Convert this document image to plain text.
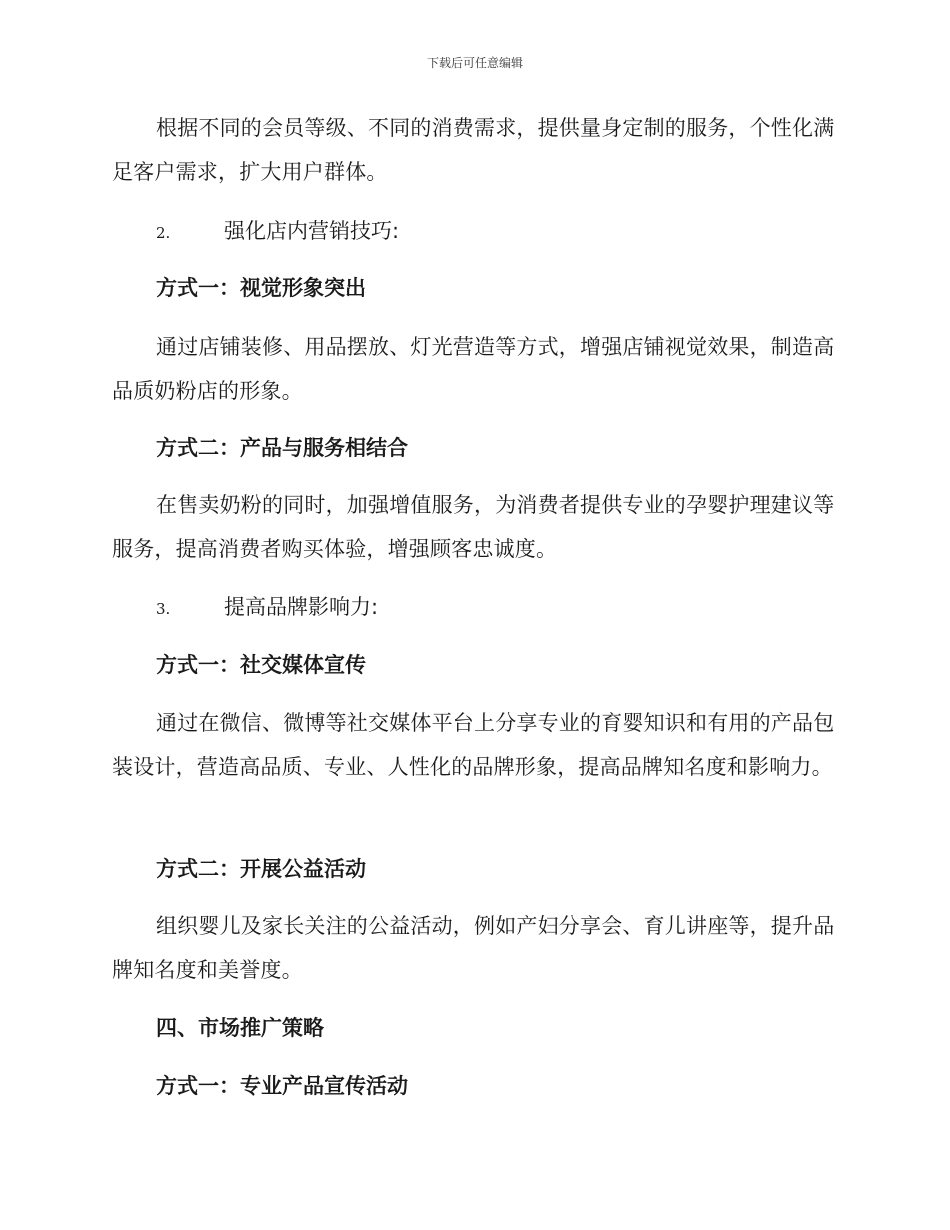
下载后可任意编辑

根据不同的会员等级、不同的消费需求，提供量身定制的服务，个性化满足客户需求，扩大用户群体。

2.	强化店内营销技巧:
方式一：视觉形象突出

通过店铺装修、用品摆放、灯光营造等方式，增强店铺视觉效果，制造高品质奶粉店的形象。

方式二：产品与服务相结合

在售卖奶粉的同时，加强增值服务，为消费者提供专业的孕婴护理建议等服务，提高消费者购买体验，增强顾客忠诚度。

3.	提高品牌影响力:
方式一：社交媒体宣传

通过在微信、微博等社交媒体平台上分享专业的育婴知识和有用的产品包装设计，营造高品质、专业、人性化的品牌形象，提高品牌知名度和影响力。

方式二：开展公益活动

组织婴儿及家长关注的公益活动，例如产妇分享会、育儿讲座等，提升品牌知名度和美誉度。

四、市场推广策略
方式一：专业产品宣传活动
